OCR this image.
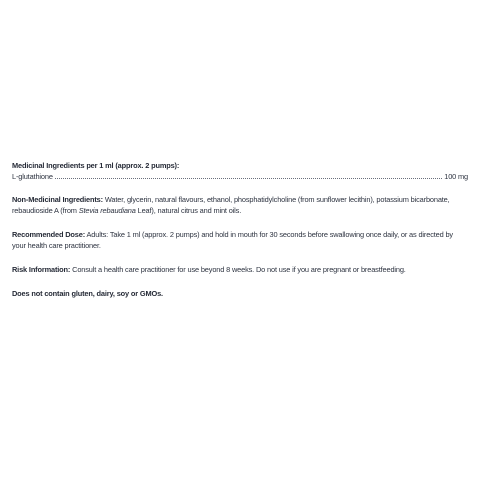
Medicinal Ingredients per 1 ml (approx. 2 pumps):
L-glutathione	100 mg
Non-Medicinal Ingredients: Water, glycerin, natural flavours, ethanol, phosphatidylcholine (from sunflower lecithin), potassium bicarbonate, rebaudioside A (from Stevia rebaudiana Leaf), natural citrus and mint oils.
Recommended Dose: Adults: Take 1 ml (approx. 2 pumps) and hold in mouth for 30 seconds before swallowing once daily, or as directed by your health care practitioner.
Risk Information: Consult a health care practitioner for use beyond 8 weeks. Do not use if you are pregnant or breastfeeding.
Does not contain gluten, dairy, soy or GMOs.
